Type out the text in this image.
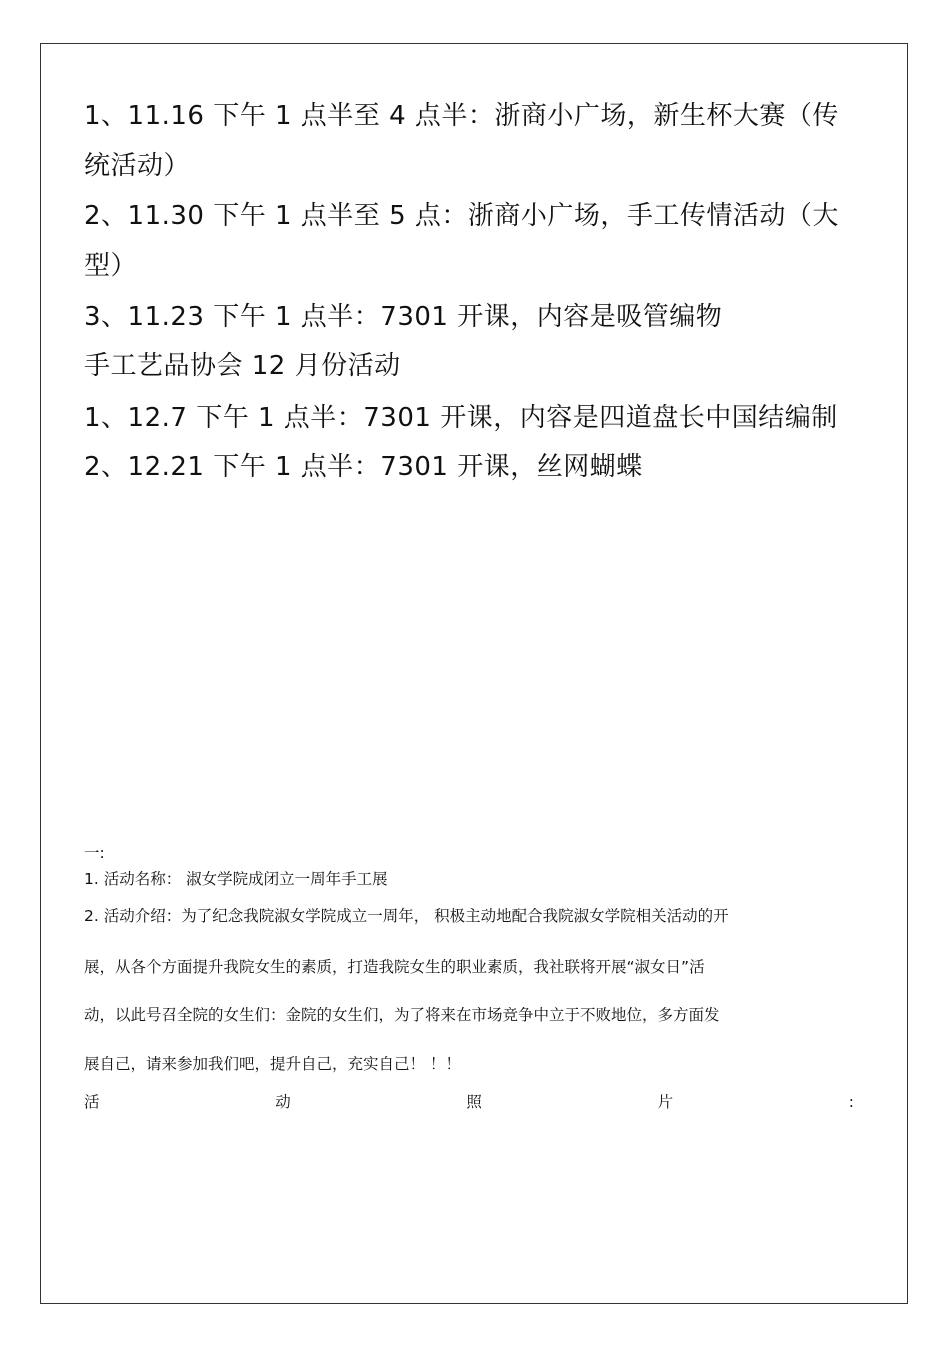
1、11.16 下午 1 点半至 4 点半：浙商小广场，新生杯大赛（传
统活动）
2、11.30 下午 1 点半至 5 点：浙商小广场，手工传情活动（大
型）
3、11.23 下午 1 点半：7301 开课，内容是吸管编物
手工艺品协会 12 月份活动
1、12.7 下午 1 点半：7301 开课，内容是四道盘长中国结编制
2、12.21 下午 1 点半：7301 开课，丝网蝴蝶
一:
1. 活动名称： 淑女学院成闭立一周年手工展
2. 活动介绍：为了纪念我院淑女学院成立一周年， 积极主动地配合我院淑女学院相关活动的开
展，从各个方面提升我院女生的素质，打造我院女生的职业素质，我社联将开展“淑女日”活
动，以此号召全院的女生们：金院的女生们，为了将来在市场竞争中立于不败地位，多方面发
展自己，请来参加我们吧，提升自己，充实自己！ ！！
活	动	照	片	:
